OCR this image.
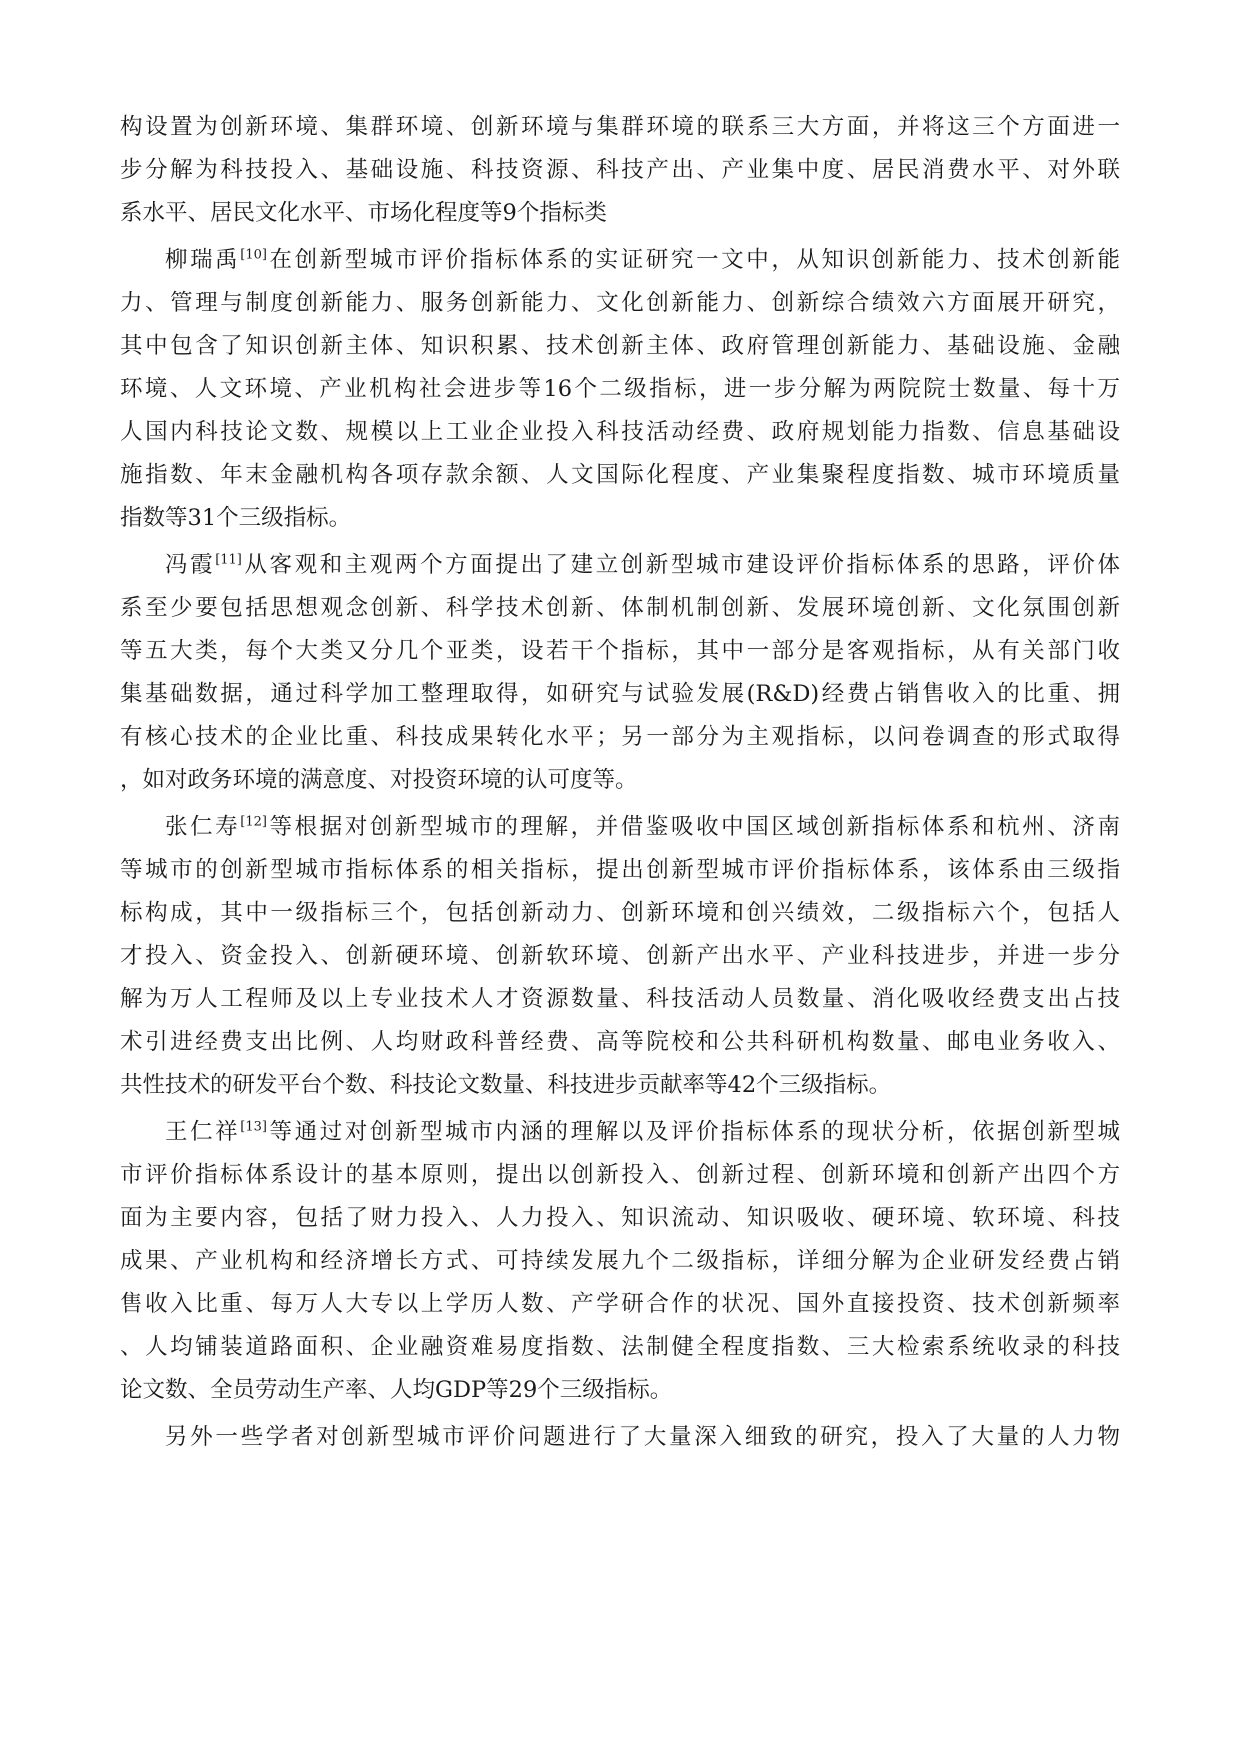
构设置为创新环境、集群环境、创新环境与集群环境的联系三大方面，并将这三个方面进一
步分解为科技投入、基础设施、科技资源、科技产出、产业集中度、居民消费水平、对外联
系水平、居民文化水平、市场化程度等9个指标类
柳瑞禹[10]在创新型城市评价指标体系的实证研究一文中，从知识创新能力、技术创新能
力、管理与制度创新能力、服务创新能力、文化创新能力、创新综合绩效六方面展开研究，
其中包含了知识创新主体、知识积累、技术创新主体、政府管理创新能力、基础设施、金融
环境、人文环境、产业机构社会进步等16个二级指标，进一步分解为两院院士数量、每十万
人国内科技论文数、规模以上工业企业投入科技活动经费、政府规划能力指数、信息基础设
施指数、年末金融机构各项存款余额、人文国际化程度、产业集聚程度指数、城市环境质量
指数等31个三级指标。
冯霞[11]从客观和主观两个方面提出了建立创新型城市建设评价指标体系的思路，评价体
系至少要包括思想观念创新、科学技术创新、体制机制创新、发展环境创新、文化氛围创新
等五大类，每个大类又分几个亚类，设若干个指标，其中一部分是客观指标，从有关部门收
集基础数据，通过科学加工整理取得，如研究与试验发展(R&D)经费占销售收入的比重、拥
有核心技术的企业比重、科技成果转化水平；另一部分为主观指标，以问卷调查的形式取得
，如对政务环境的满意度、对投资环境的认可度等。
张仁寿[12]等根据对创新型城市的理解，并借鉴吸收中国区域创新指标体系和杭州、济南
等城市的创新型城市指标体系的相关指标，提出创新型城市评价指标体系，该体系由三级指
标构成，其中一级指标三个，包括创新动力、创新环境和创兴绩效，二级指标六个，包括人
才投入、资金投入、创新硬环境、创新软环境、创新产出水平、产业科技进步，并进一步分
解为万人工程师及以上专业技术人才资源数量、科技活动人员数量、消化吸收经费支出占技
术引进经费支出比例、人均财政科普经费、高等院校和公共科研机构数量、邮电业务收入、
共性技术的研发平台个数、科技论文数量、科技进步贡献率等42个三级指标。
王仁祥[13]等通过对创新型城市内涵的理解以及评价指标体系的现状分析，依据创新型城
市评价指标体系设计的基本原则，提出以创新投入、创新过程、创新环境和创新产出四个方
面为主要内容，包括了财力投入、人力投入、知识流动、知识吸收、硬环境、软环境、科技
成果、产业机构和经济增长方式、可持续发展九个二级指标，详细分解为企业研发经费占销
售收入比重、每万人大专以上学历人数、产学研合作的状况、国外直接投资、技术创新频率
、人均铺装道路面积、企业融资难易度指数、法制健全程度指数、三大检索系统收录的科技
论文数、全员劳动生产率、人均GDP等29个三级指标。
另外一些学者对创新型城市评价问题进行了大量深入细致的研究，投入了大量的人力物
